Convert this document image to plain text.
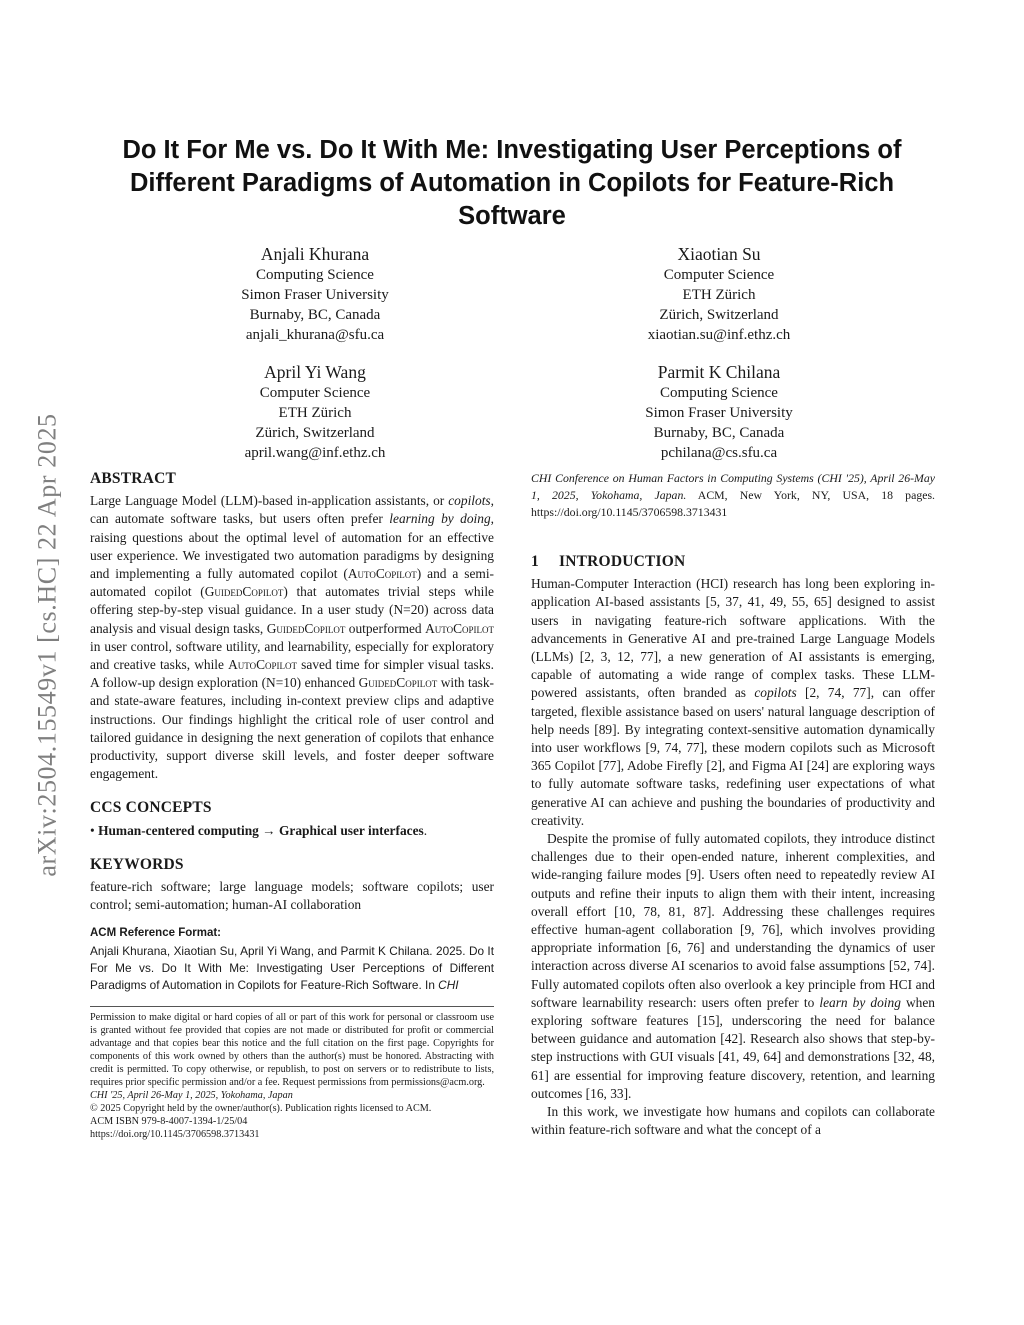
arXiv:2504.15549v1 [cs.HC] 22 Apr 2025
Do It For Me vs. Do It With Me: Investigating User Perceptions of Different Paradigms of Automation in Copilots for Feature-Rich Software
Anjali Khurana
Computing Science
Simon Fraser University
Burnaby, BC, Canada
anjali_khurana@sfu.ca
Xiaotian Su
Computer Science
ETH Zürich
Zürich, Switzerland
xiaotian.su@inf.ethz.ch
April Yi Wang
Computer Science
ETH Zürich
Zürich, Switzerland
april.wang@inf.ethz.ch
Parmit K Chilana
Computing Science
Simon Fraser University
Burnaby, BC, Canada
pchilana@cs.sfu.ca
ABSTRACT

Large Language Model (LLM)-based in-application assistants, or copilots, can automate software tasks, but users often prefer learning by doing, raising questions about the optimal level of automation for an effective user experience. We investigated two automation paradigms by designing and implementing a fully automated copilot (AutoCopilot) and a semi-automated copilot (GuidedCopilot) that automates trivial steps while offering step-by-step visual guidance. In a user study (N=20) across data analysis and visual design tasks, GuidedCopilot outperformed AutoCopilot in user control, software utility, and learnability, especially for exploratory and creative tasks, while AutoCopilot saved time for simpler visual tasks. A follow-up design exploration (N=10) enhanced GuidedCopilot with task-and state-aware features, including in-context preview clips and adaptive instructions. Our findings highlight the critical role of user control and tailored guidance in designing the next generation of copilots that enhance productivity, support diverse skill levels, and foster deeper software engagement.

CCS CONCEPTS

• Human-centered computing → Graphical user interfaces.

KEYWORDS

feature-rich software; large language models; software copilots; user control; semi-automation; human-AI collaboration

ACM Reference Format:

Anjali Khurana, Xiaotian Su, April Yi Wang, and Parmit K Chilana. 2025. Do It For Me vs. Do It With Me: Investigating User Perceptions of Different Paradigms of Automation in Copilots for Feature-Rich Software. In CHI

Permission to make digital or hard copies of all or part of this work for personal or classroom use is granted without fee provided that copies are not made or distributed for profit or commercial advantage and that copies bear this notice and the full citation on the first page. Copyrights for components of this work owned by others than the author(s) must be honored. Abstracting with credit is permitted. To copy otherwise, or republish, to post on servers or to redistribute to lists, requires prior specific permission and/or a fee. Request permissions from permissions@acm.org.

CHI '25, April 26-May 1, 2025, Yokohama, Japan

© 2025 Copyright held by the owner/author(s). Publication rights licensed to ACM.

ACM ISBN 979-8-4007-1394-1/25/04

https://doi.org/10.1145/3706598.3713431

CHI Conference on Human Factors in Computing Systems (CHI '25), April 26-May 1, 2025, Yokohama, Japan. ACM, New York, NY, USA, 18 pages. https://doi.org/10.1145/3706598.3713431

1 INTRODUCTION

Human-Computer Interaction (HCI) research has long been exploring in-application AI-based assistants [5, 37, 41, 49, 55, 65] designed to assist users in navigating feature-rich software applications. With the advancements in Generative AI and pre-trained Large Language Models (LLMs) [2, 3, 12, 77], a new generation of AI assistants is emerging, capable of automating a wide range of complex tasks. These LLM-powered assistants, often branded as copilots [2, 74, 77], can offer targeted, flexible assistance based on users' natural language description of help needs [89]. By integrating context-sensitive automation dynamically into user workflows [9, 74, 77], these modern copilots such as Microsoft 365 Copilot [77], Adobe Firefly [2], and Figma AI [24] are exploring ways to fully automate software tasks, redefining user expectations of what generative AI can achieve and pushing the boundaries of productivity and creativity.

Despite the promise of fully automated copilots, they introduce distinct challenges due to their open-ended nature, inherent complexities, and wide-ranging failure modes [9]. Users often need to repeatedly review AI outputs and refine their inputs to align them with their intent, increasing overall effort [10, 78, 81, 87]. Addressing these challenges requires effective human-agent collaboration [9, 76], which involves providing appropriate information [6, 76] and understanding the dynamics of user interaction across diverse AI scenarios to avoid false assumptions [52, 74]. Fully automated copilots often also overlook a key principle from HCI and software learnability research: users often prefer to learn by doing when exploring software features [15], underscoring the need for balance between guidance and automation [42]. Research also shows that step-by-step instructions with GUI visuals [41, 49, 64] and demonstrations [32, 48, 61] are essential for improving feature discovery, retention, and learning outcomes [16, 33].

In this work, we investigate how humans and copilots can collaborate within feature-rich software and what the concept of a
